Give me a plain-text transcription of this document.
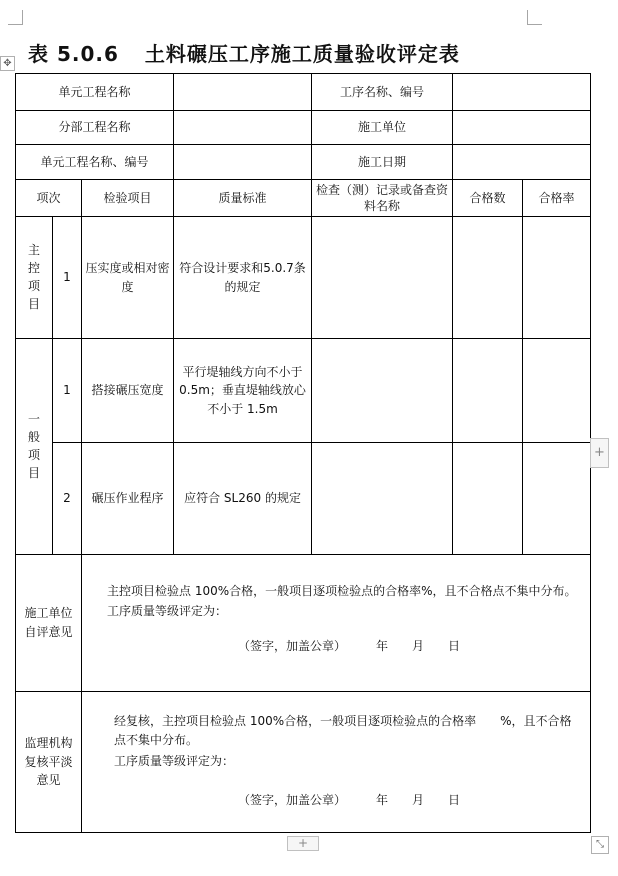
✥ 表 5.0.6 土料碾压工序施工质量验收评定表
单元工程名称				工序名称、编号		
分部工程名称				施工单位		
单元工程名称、编号				施工日期		
项次		检验项目	质量标准	检查（测）记录或备查资料名称	合格数	合格率
主控项目	1	压实度或相对密度	符合设计要求和5.0.7条的规定			
一般项目	1	搭接碾压宽度	平行堤轴线方向不小于 0.5m；垂直堤轴线放心不小于 1.5m			
	2	碾压作业程序	应符合 SL260 的规定			
施工单位自评意见		主控项目检验点 100%合格，一般项目逐项检验点的合格率%，且不合格点不集中分布。工序质量等级评定为：
（签字，加盖公章）　　　年　　月　　日				

监理机构复核平淡意见		经复核，主控项目检验点 100%合格，一般项目逐项检验点的合格率　　%，且不合格点不集中分布。
工序质量等级评定为：
（签字，加盖公章）　　　年　　月　　日				
+
+	⤡
